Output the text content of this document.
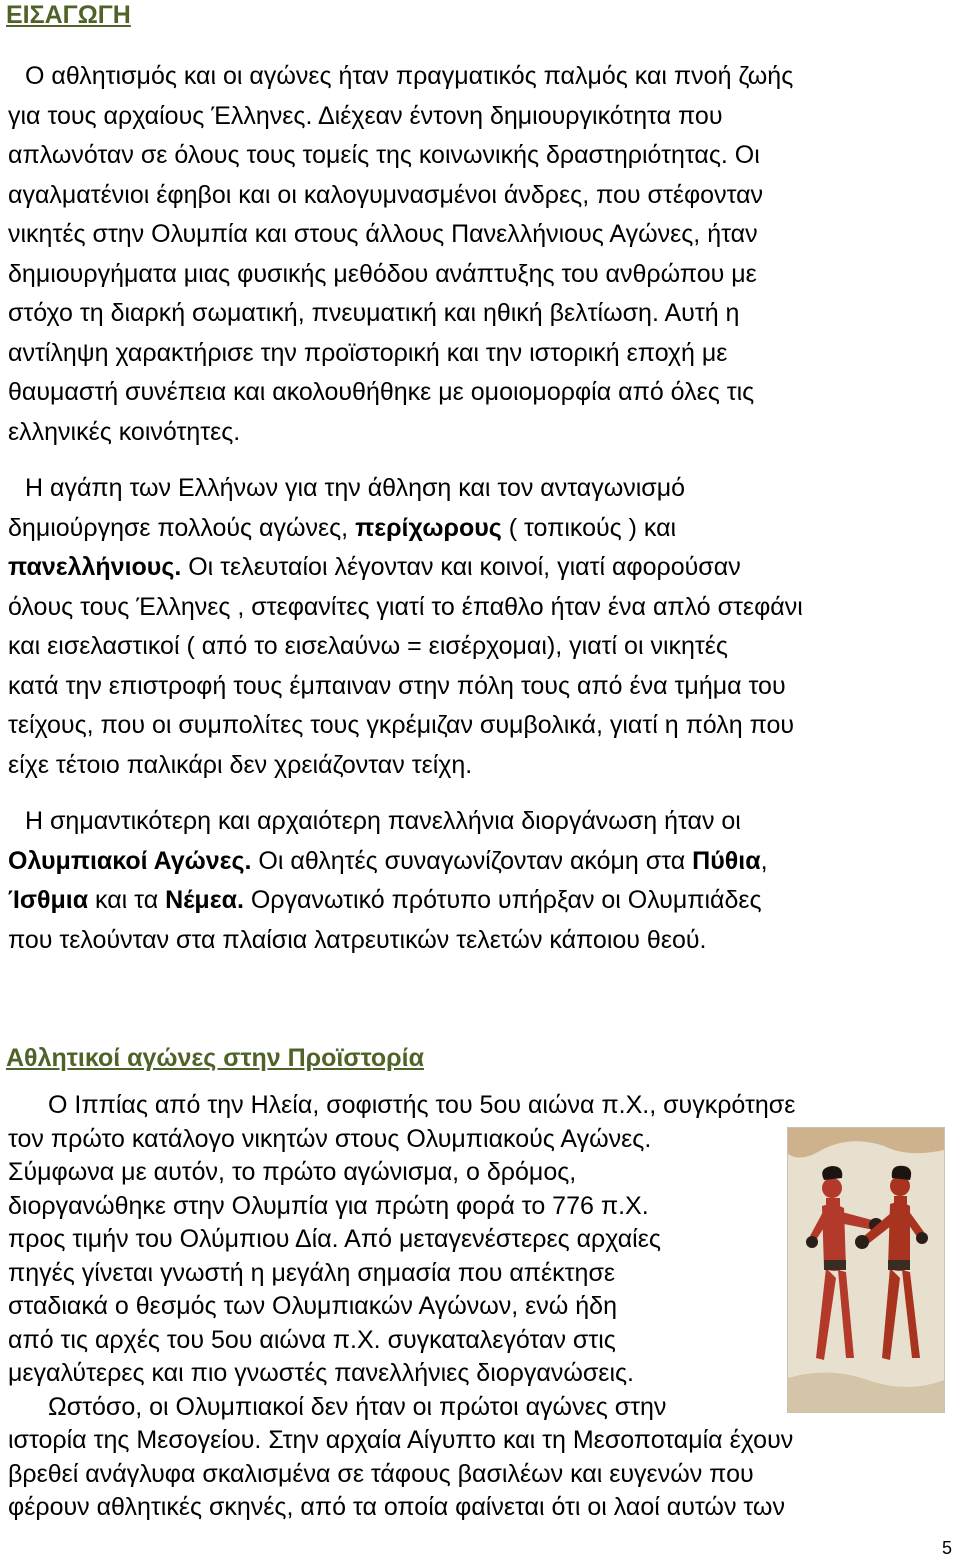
ΕΙΣΑΓΩΓΗ
Ο αθλητισμός και οι αγώνες ήταν πραγματικός παλμός και πνοή ζωής
για τους αρχαίους Έλληνες. Διέχεαν έντονη δημιουργικότητα που
απλωνόταν σε όλους τους τομείς της κοινωνικής δραστηριότητας. Οι
αγαλματένιοι έφηβοι και οι καλογυμνασμένοι άνδρες, που στέφονταν
νικητές στην Ολυμπία και στους άλλους Πανελλήνιους Αγώνες, ήταν
δημιουργήματα μιας φυσικής μεθόδου ανάπτυξης του ανθρώπου με
στόχο τη διαρκή σωματική, πνευματική και ηθική βελτίωση. Αυτή η
αντίληψη χαρακτήρισε την προϊστορική και την ιστορική εποχή με
θαυμαστή συνέπεια και ακολουθήθηκε με ομοιομορφία από όλες τις
ελληνικές κοινότητες.
Η αγάπη των Ελλήνων για την άθληση και τον ανταγωνισμό
δημιούργησε πολλούς αγώνες, περίχωρους ( τοπικούς ) και
πανελλήνιους. Οι τελευταίοι λέγονταν και κοινοί, γιατί αφορούσαν
όλους τους Έλληνες , στεφανίτες γιατί το έπαθλο ήταν ένα απλό στεφάνι
και εισελαστικοί ( από το εισελαύνω = εισέρχομαι), γιατί οι νικητές
κατά την επιστροφή τους έμπαιναν στην πόλη τους από ένα τμήμα του
τείχους, που οι συμπολίτες τους γκρέμιζαν συμβολικά, γιατί η πόλη που
είχε τέτοιο παλικάρι δεν χρειάζονταν τείχη.
Η σημαντικότερη και αρχαιότερη πανελλήνια διοργάνωση ήταν οι
Ολυμπιακοί Αγώνες. Οι αθλητές συναγωνίζονταν ακόμη στα Πύθια,
Ίσθμια και τα Νέμεα. Οργανωτικό πρότυπο υπήρξαν οι Ολυμπιάδες
που τελούνταν στα πλαίσια λατρευτικών τελετών κάποιου θεού.
Αθλητικοί αγώνες στην Προϊστορία
Ο Ιππίας από την Ηλεία, σοφιστής του 5ου αιώνα π.Χ., συγκρότησε
τον πρώτο κατάλογο νικητών στους Ολυμπιακούς Αγώνες.
Σύμφωνα με αυτόν, το πρώτο αγώνισμα, ο δρόμος,
διοργανώθηκε στην Ολυμπία για πρώτη φορά το 776 π.Χ.
προς τιμήν του Ολύμπιου Δία. Από μεταγενέστερες αρχαίες
πηγές γίνεται γνωστή η μεγάλη σημασία που απέκτησε
σταδιακά ο θεσμός των Ολυμπιακών Αγώνων, ενώ ήδη
από τις αρχές του 5ου αιώνα π.Χ. συγκαταλεγόταν στις
μεγαλύτερες και πιο γνωστές πανελλήνιες διοργανώσεις.
Ωστόσο, οι Ολυμπιακοί δεν ήταν οι πρώτοι αγώνες στην
ιστορία της Μεσογείου. Στην αρχαία Αίγυπτο και τη Μεσοποταμία έχουν
βρεθεί ανάγλυφα σκαλισμένα σε τάφους βασιλέων και ευγενών που
φέρουν αθλητικές σκηνές, από τα οποία φαίνεται ότι οι λαοί αυτών των
5
